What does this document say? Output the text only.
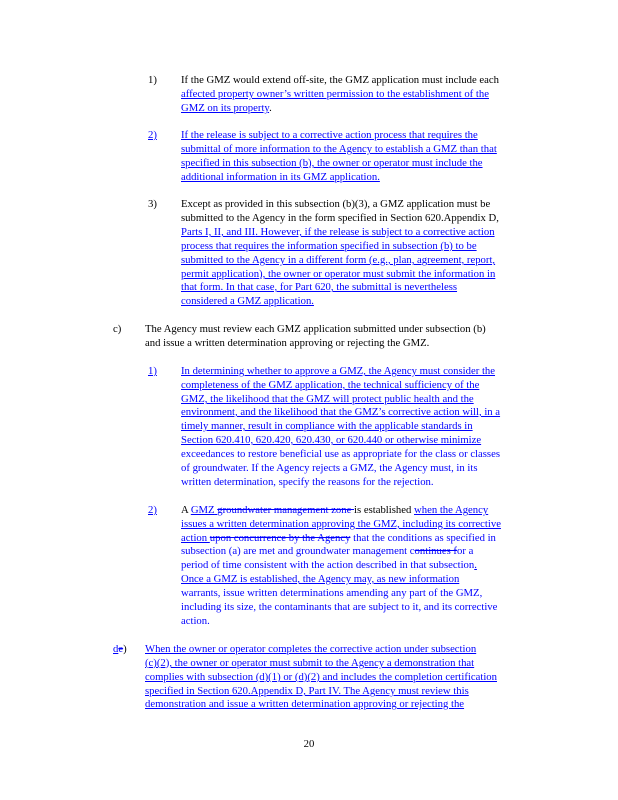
1) If the GMZ would extend off-site, the GMZ application must include each
affected property owner’s written permission to the establishment of the
GMZ on its property.
2) If the release is subject to a corrective action process that requires the
submittal of more information to the Agency to establish a GMZ than that
specified in this subsection (b), the owner or operator must include the
additional information in its GMZ application.
3) Except as provided in this subsection (b)(3), a GMZ application must be
submitted to the Agency in the form specified in Section 620.Appendix D,
Parts I, II, and III. However, if the release is subject to a corrective action
process that requires the information specified in subsection (b) to be
submitted to the Agency in a different form (e.g., plan, agreement, report,
permit application), the owner or operator must submit the information in
that form. In that case, for Part 620, the submittal is nevertheless
considered a GMZ application.
c) The Agency must review each GMZ application submitted under subsection (b)
and issue a written determination approving or rejecting the GMZ.
1) In determining whether to approve a GMZ, the Agency must consider the
completeness of the GMZ application, the technical sufficiency of the
GMZ, the likelihood that the GMZ will protect public health and the
environment, and the likelihood that the GMZ’s corrective action will, in a
timely manner, result in compliance with the applicable standards in
Section 620.410, 620.420, 620.430, or 620.440 or otherwise minimize
exceedances to restore beneficial use as appropriate for the class or classes
of groundwater. If the Agency rejects a GMZ, the Agency must, in its
written determination, specify the reasons for the rejection.
2) A GMZ groundwater management zone is established when the Agency
issues a written determination approving the GMZ, including its corrective
action upon concurrence by the Agency that the conditions as specified in
subsection (a) are met and groundwater management continues for a
period of time consistent with the action described in that subsection.
Once a GMZ is established, the Agency may, as new information
warrants, issue written determinations amending any part of the GMZ,
including its size, the contaminants that are subject to it, and its corrective
action.
de) When the owner or operator completes the corrective action under subsection
(c)(2), the owner or operator must submit to the Agency a demonstration that
complies with subsection (d)(1) or (d)(2) and includes the completion certification
specified in Section 620.Appendix D, Part IV. The Agency must review this
demonstration and issue a written determination approving or rejecting the
20
